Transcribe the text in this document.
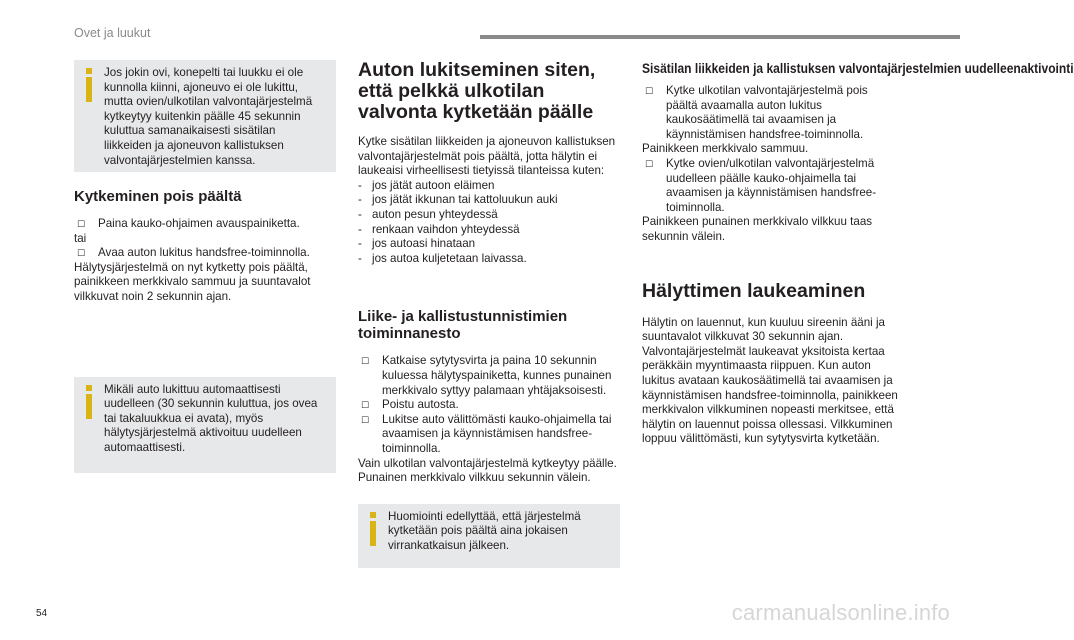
Ovet ja luukut

Jos jokin ovi, konepelti tai luukku ei ole kunnolla kiinni, ajoneuvo ei ole lukittu, mutta ovien/ulkotilan valvontajärjestelmä kytkeytyy kuitenkin päälle 45 sekunnin kuluttua samanaikaisesti sisätilan liikkeiden ja ajoneuvon kallistuksen valvontajärjestelmien kanssa.

Kytkeminen pois päältä
☐ Paina kauko-ohjaimen avauspainiketta.

tai

☐ Avaa auton lukitus handsfree-toiminnolla.

Hälytysjärjestelmä on nyt kytketty pois päältä, painikkeen merkkivalo sammuu ja suuntavalot vilkkuvat noin 2 sekunnin ajan.

Mikäli auto lukittuu automaattisesti uudelleen (30 sekunnin kuluttua, jos ovea tai takaluukkua ei avata), myös hälytysjärjestelmä aktivoituu uudelleen automaattisesti.

Auton lukitseminen siten, että pelkkä ulkotilan valvonta kytketään päälle

Kytke sisätilan liikkeiden ja ajoneuvon kallistuksen valvontajärjestelmät pois päältä, jotta hälytin ei laukeaisi virheellisesti tietyissä tilanteissa kuten:

- jos jätät autoon eläimen
- jos jätät ikkunan tai kattoluukun auki
- auton pesun yhteydessä
- renkaan vaihdon yhteydessä
- jos autoasi hinataan
- jos autoa kuljetetaan laivassa.
Liike- ja kallistustunnistimien toiminnanesto
☐ Katkaise sytytysvirta ja paina 10 sekunnin kuluessa hälytyspainiketta, kunnes punainen merkkivalo syttyy palamaan yhtäjaksoisesti.
☐ Poistu autosta.
☐ Lukitse auto välittömästi kauko-ohjaimella tai avaamisen ja käynnistämisen handsfree-toiminnolla.

Vain ulkotilan valvontajärjestelmä kytkeytyy päälle. Punainen merkkivalo vilkkuu sekunnin välein.

Huomiointi edellyttää, että järjestelmä kytketään pois päältä aina jokaisen virrankatkaisun jälkeen.

Sisätilan liikkeiden ja kallistuksen valvontajärjestelmien uudelleenaktivointi
☐ Kytke ulkotilan valvontajärjestelmä pois päältä avaamalla auton lukitus kaukosäätimellä tai avaamisen ja käynnistämisen handsfree-toiminnolla.

Painikkeen merkkivalo sammuu.

☐ Kytke ovien/ulkotilan valvontajärjestelmä uudelleen päälle kauko-ohjaimella tai avaamisen ja käynnistämisen handsfree-toiminnolla.

Painikkeen punainen merkkivalo vilkkuu taas sekunnin välein.

Hälyttimen laukeaminen

Hälytin on lauennut, kun kuuluu sireenin ääni ja suuntavalot vilkkuvat 30 sekunnin ajan. Valvontajärjestelmät laukeavat yksitoista kertaa peräkkäin myyntimaasta riippuen. Kun auton lukitus avataan kaukosäätimellä tai avaamisen ja käynnistämisen handsfree-toiminnolla, painikkeen merkkivalon vilkkuminen nopeasti merkitsee, että hälytin on lauennut poissa ollessasi. Vilkkuminen loppuu välittömästi, kun sytytysvirta kytketään.

54	carmanualsonline.info
